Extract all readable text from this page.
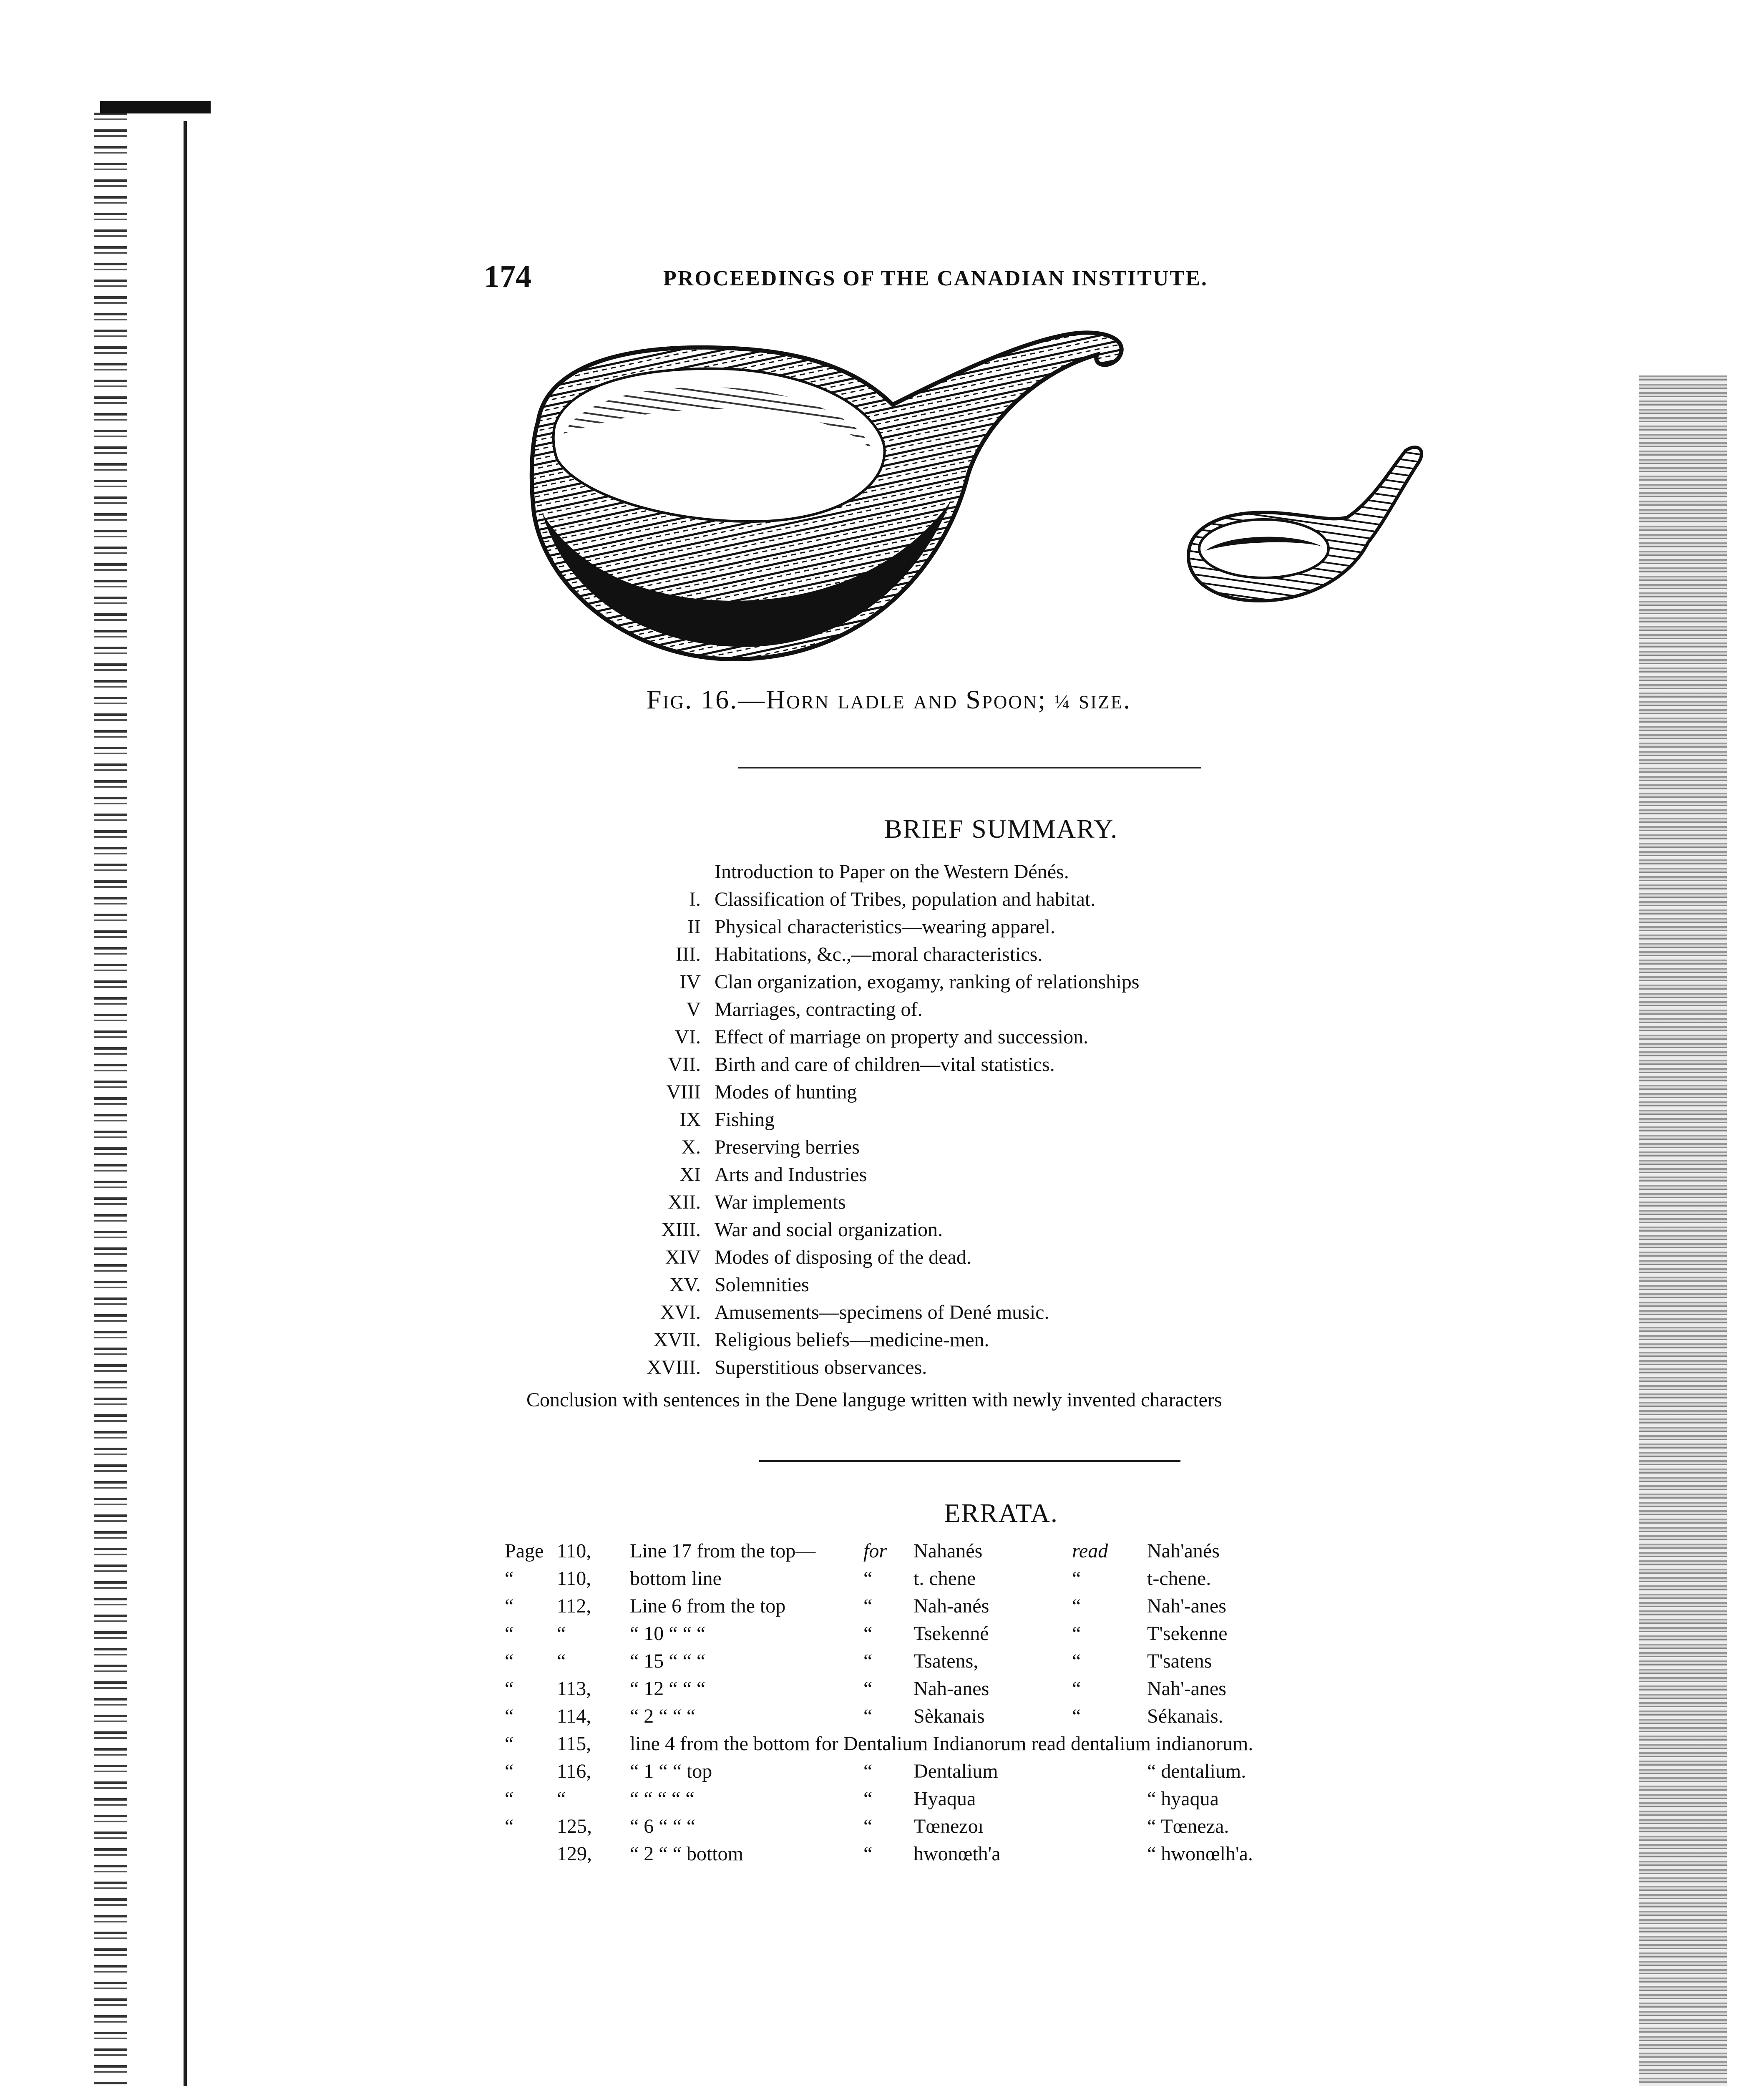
174	PROCEEDINGS OF THE CANADIAN INSTITUTE.
Fig. 16.—Horn ladle and Spoon; ¼ size.
BRIEF SUMMARY.
Introduction to Paper on the Western Dénés.
I. Classification of Tribes, population and habitat.
II Physical characteristics—wearing apparel.
III. Habitations, &c.,—moral characteristics.
IV Clan organization, exogamy, ranking of relationships
V Marriages, contracting of.
VI. Effect of marriage on property and succession.
VII. Birth and care of children—vital statistics.
VIII Modes of hunting
IX Fishing
X. Preserving berries
XI Arts and Industries
XII. War implements
XIII. War and social organization.
XIV Modes of disposing of the dead.
XV. Solemnities
XVI. Amusements—specimens of Dené music.
XVII. Religious beliefs—medicine-men.
XVIII. Superstitious observances.
Conclusion with sentences in the Dene languge written with newly invented characters
ERRATA.
Page 110, Line 17 from the top— for Nahanés	read Nah'anés
“ 110, bottom line	“ t. chene	“	t-chene.
“ 112, Line 6 from the top	“ Nah-anés	“	Nah'-anes
“ “	“ 10 “ “ “	“ Tsekenné	“	T'sekenne
“ “	“ 15 “ “ “	“ Tsatens,	“	T'satens
“ 113, “ 12 “ “ “	“ Nah-anes	“	Nah'-anes
“ 114, “ 2 “ “ “	“ Sèkanais	“	Sékanais.
“ 115, line 4 from the bottom for Dentalium Indianorum read dentalium indianorum.
“ 116, “ 1 “ “ top	“ Dentalium	“ dentalium.
“ “	“ “ “ “ “	“ Hyaqua	“ hyaqua
“ 125, “ 6 “ “ “	“ Tœnezoı	“ Tœneza.
129, “ 2 “ “ bottom	“ hwonœth'a	“ hwonœlh'a.
